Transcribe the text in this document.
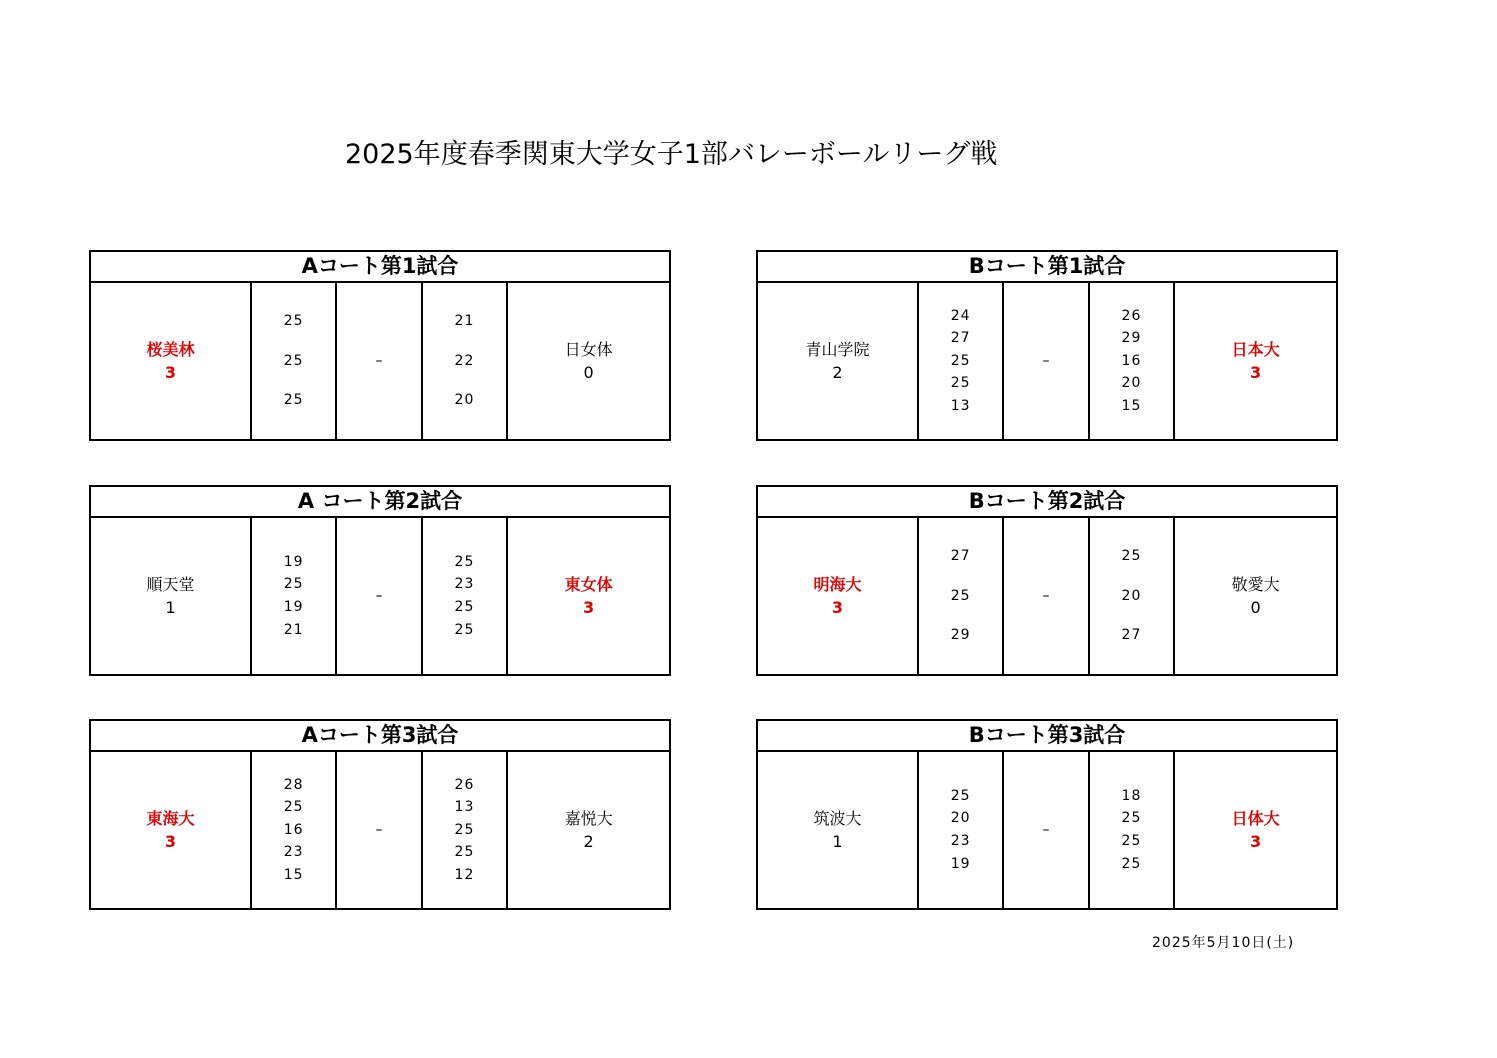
2025年度春季関東大学女子1部バレーボールリーグ戦
Aコート第1試合
桜美林
3
25
25
25
–
21
22
20
日女体
0
Bコート第1試合
青山学院
2
24
27
25
25
13
–
26
29
16
20
15
日本大
3
A コート第2試合
順天堂
1
19
25
19
21
–
25
23
25
25
東女体
3
Bコート第2試合
明海大
3
27
25
29
–
25
20
27
敬愛大
0
Aコート第3試合
東海大
3
28
25
16
23
15
–
26
13
25
25
12
嘉悦大
2
Bコート第3試合
筑波大
1
25
20
23
19
–
18
25
25
25
日体大
3
2025年5月10日(土)
